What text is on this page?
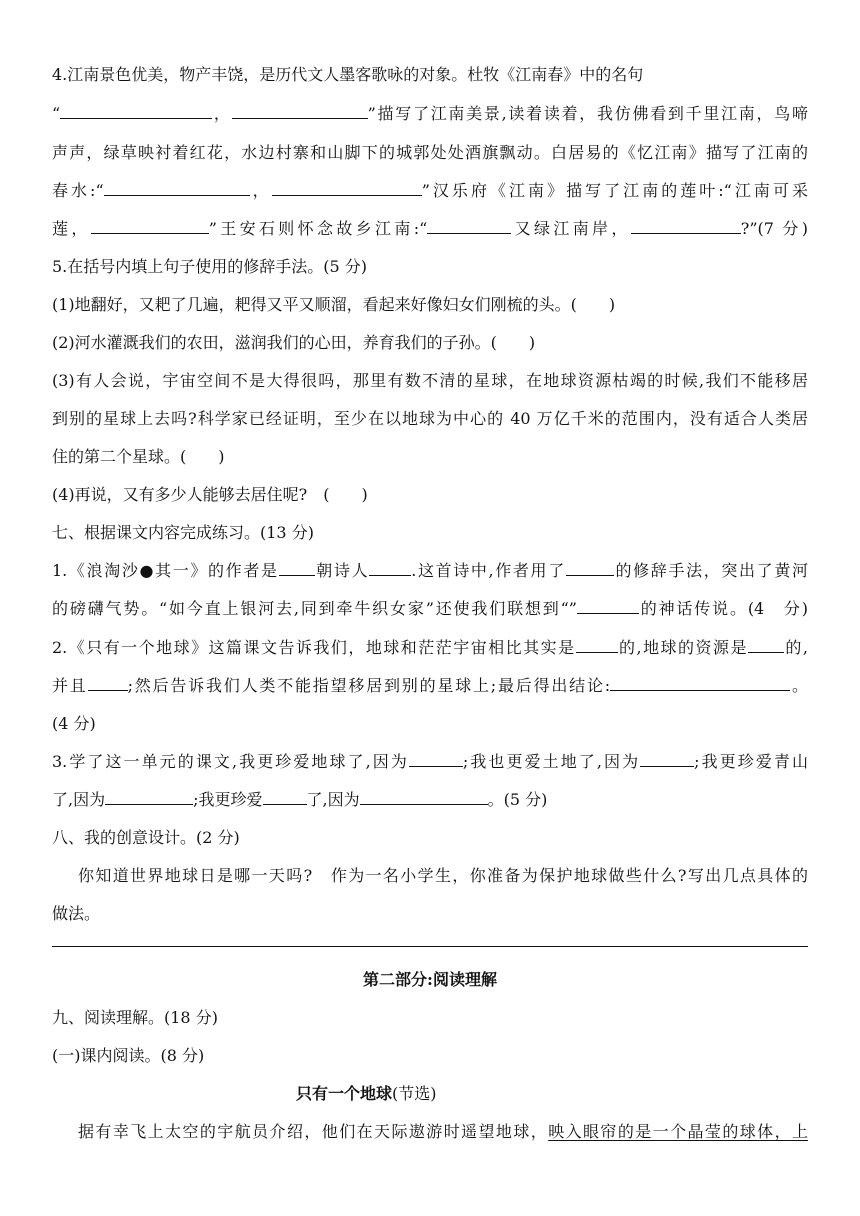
4.江南景色优美，物产丰饶，是历代文人墨客歌咏的对象。杜牧《江南春》中的名句
“	，	”描写了江南美景,读着读着，我仿佛看到千里江南，鸟啼
声声，绿草映衬着红花，水边村寨和山脚下的城郭处处酒旗飘动。白居易的《忆江南》描写了江南的
春水:“	，	”汉乐府《江南》描写了江南的莲叶:“江南可采
莲，	”王安石则怀念故乡江南:“	又绿江南岸，	?”(7 分)
5.在括号内填上句子使用的修辞手法。(5 分)
(1)地翻好，又耙了几遍，耙得又平又顺溜，看起来好像妇女们刚梳的头。(　　)
(2)河水灌溉我们的农田，滋润我们的心田，养育我们的子孙。(　　)
(3)有人会说，宇宙空间不是大得很吗，那里有数不清的星球，在地球资源枯竭的时候,我们不能移居
到别的星球上去吗?科学家已经证明，至少在以地球为中心的 40 万亿千米的范围内，没有适合人类居
住的第二个星球。(　　)
(4)再说，又有多少人能够去居住呢?　(　　)
七、根据课文内容完成练习。(13 分)
1.《浪淘沙●其一》的作者是 朝诗人	.这首诗中,作者用了	的修辞手法，突出了黄河
的磅礴气势。“如今直上银河去,同到牵牛织女家”还使我们联想到“”	的神话传说。(4　分)
2.《只有一个地球》这篇课文告诉我们，地球和茫茫宇宙相比其实是	的,地球的资源是 的,
并且	;然后告诉我们人类不能指望移居到别的星球上;最后得出结论:	。
(4 分)
3.学了这一单元的课文,我更珍爱地球了,因为	;我也更爱土地了,因为	;我更珍爱青山
了,因为	;我更珍爱	了,因为	。(5 分)
八、我的创意设计。(2 分)
你知道世界地球日是哪一天吗?　作为一名小学生，你准备为保护地球做些什么?写出几点具体的
做法。
第二部分:阅读理解
九、阅读理解。(18 分)
(一)课内阅读。(8 分)
只有一个地球(节选)
据有幸飞上太空的宇航员介绍，他们在天际遨游时遥望地球，映入眼帘的是一个晶莹的球体，上
